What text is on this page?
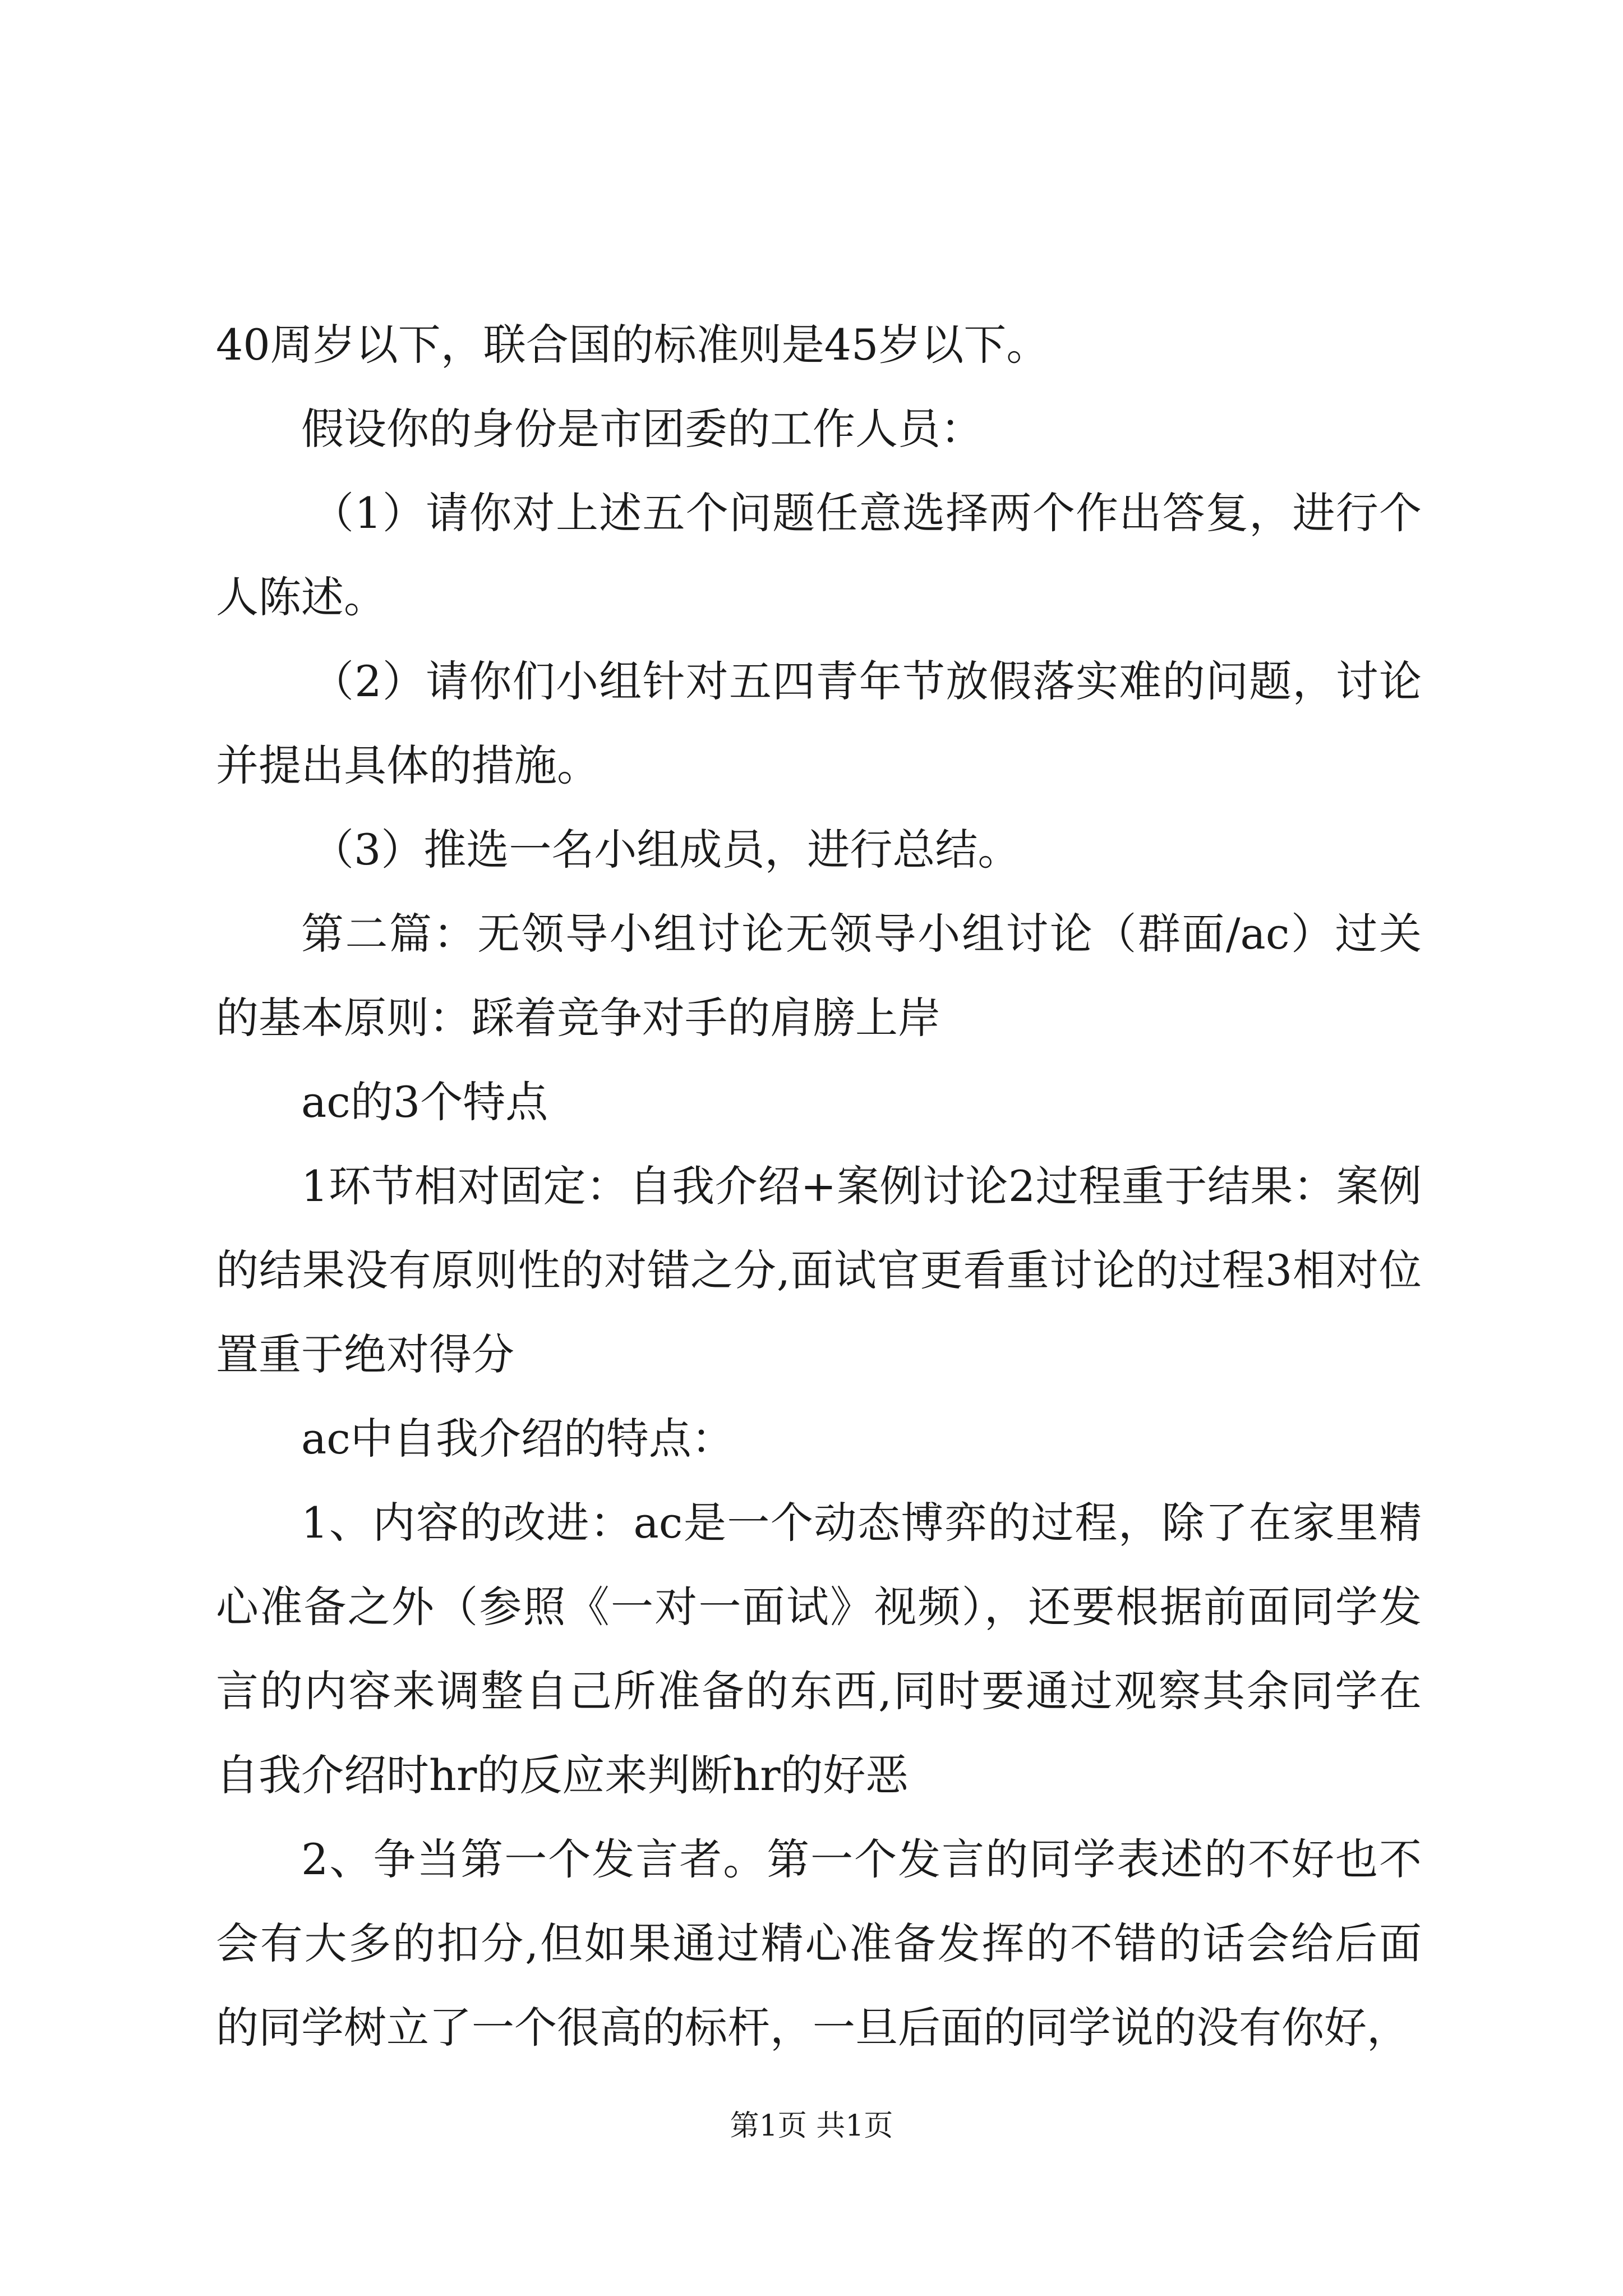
40周岁以下，联合国的标准则是45岁以下。

假设你的身份是市团委的工作人员：

（1）请你对上述五个问题任意选择两个作出答复，进行个人陈述。

（2）请你们小组针对五四青年节放假落实难的问题，讨论并提出具体的措施。

（3）推选一名小组成员，进行总结。

第二篇：无领导小组讨论无领导小组讨论（群面/ac）过关的基本原则：踩着竞争对手的肩膀上岸

ac的3个特点

1环节相对固定：自我介绍+案例讨论2过程重于结果：案例的结果没有原则性的对错之分,面试官更看重讨论的过程3相对位置重于绝对得分

ac中自我介绍的特点：

1、内容的改进：ac是一个动态博弈的过程，除了在家里精心准备之外（参照《一对一面试》视频），还要根据前面同学发言的内容来调整自己所准备的东西,同时要通过观察其余同学在自我介绍时hr的反应来判断hr的好恶

2、争当第一个发言者。第一个发言的同学表述的不好也不会有大多的扣分,但如果通过精心准备发挥的不错的话会给后面的同学树立了一个很高的标杆，一旦后面的同学说的没有你好，

第1页 共1页
